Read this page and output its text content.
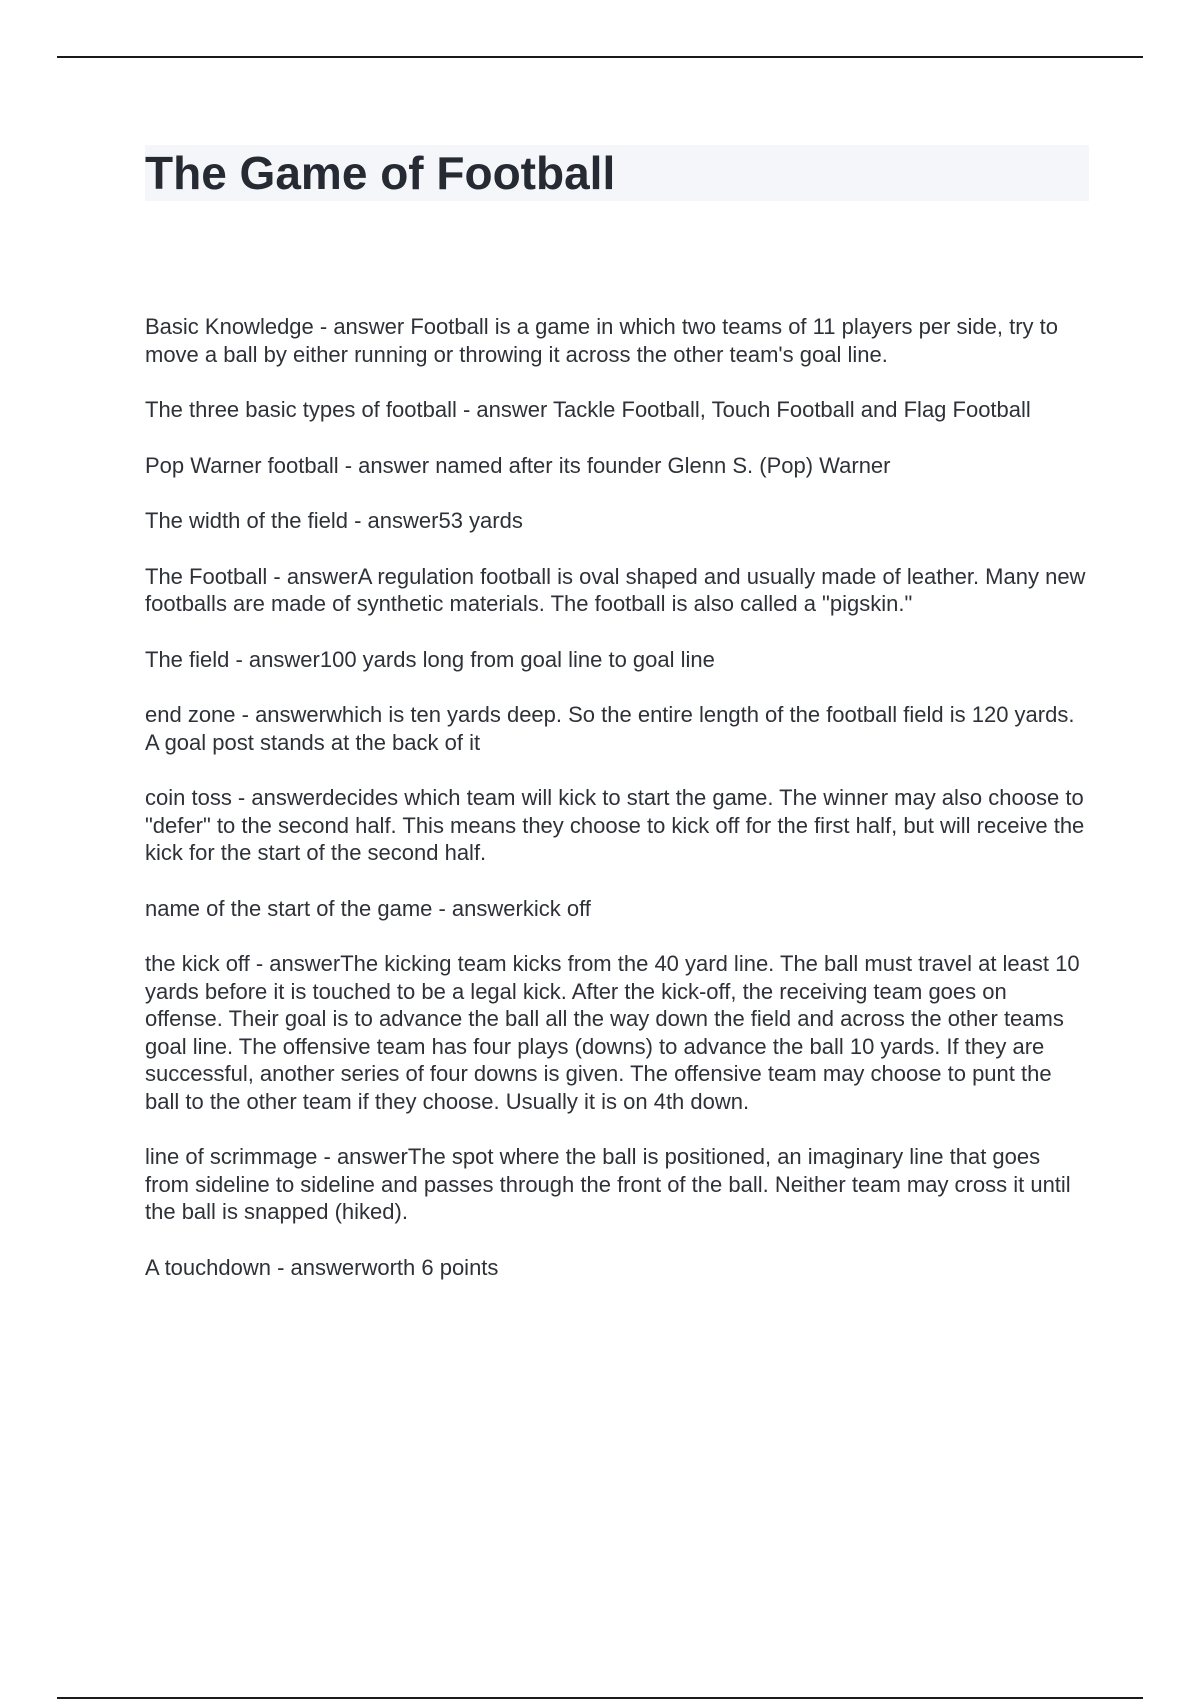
The Game of Football

Basic Knowledge - answer Football is a game in which two teams of 11 players per side, try to move a ball by either running or throwing it across the other team's goal line.

The three basic types of football - answer Tackle Football, Touch Football and Flag Football

Pop Warner football - answer named after its founder Glenn S. (Pop) Warner

The width of the field - answer53 yards

The Football - answerA regulation football is oval shaped and usually made of leather. Many new footballs are made of synthetic materials. The football is also called a "pigskin."

The field - answer100 yards long from goal line to goal line

end zone - answerwhich is ten yards deep. So the entire length of the football field is 120 yards. A goal post stands at the back of it

coin toss - answerdecides which team will kick to start the game. The winner may also choose to "defer" to the second half. This means they choose to kick off for the first half, but will receive the kick for the start of the second half.

name of the start of the game - answerkick off

the kick off - answerThe kicking team kicks from the 40 yard line. The ball must travel at least 10 yards before it is touched to be a legal kick. After the kick-off, the receiving team goes on offense. Their goal is to advance the ball all the way down the field and across the other teams goal line. The offensive team has four plays (downs) to advance the ball 10 yards. If they are successful, another series of four downs is given. The offensive team may choose to punt the ball to the other team if they choose. Usually it is on 4th down.

line of scrimmage - answerThe spot where the ball is positioned, an imaginary line that goes from sideline to sideline and passes through the front of the ball. Neither team may cross it until the ball is snapped (hiked).

A touchdown - answerworth 6 points
